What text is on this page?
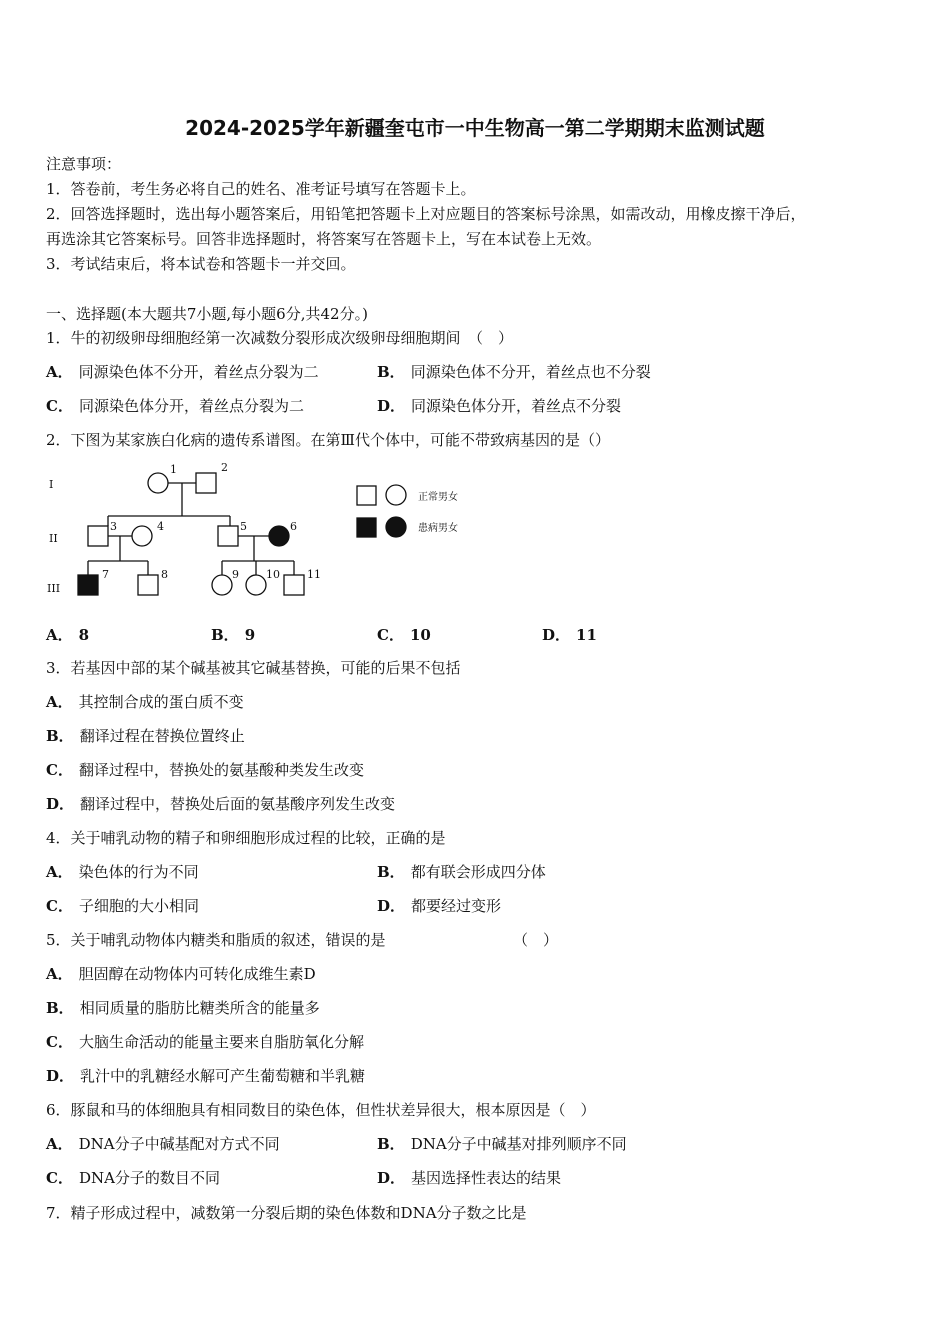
2024-2025学年新疆奎屯市一中生物高一第二学期期末监测试题
注意事项：
1．答卷前，考生务必将自己的姓名、准考证号填写在答题卡上。
2．回答选择题时，选出每小题答案后，用铅笔把答题卡上对应题目的答案标号涂黑，如需改动，用橡皮擦干净后，
再选涂其它答案标号。回答非选择题时，将答案写在答题卡上，写在本试卷上无效。
3．考试结束后，将本试卷和答题卡一并交回。
一、选择题(本大题共7小题,每小题6分,共42分。)
1．牛的初级卵母细胞经第一次减数分裂形成次级卵母细胞期间　（　）
A． 同源染色体不分开，着丝点分裂为二	B． 同源染色体不分开，着丝点也不分裂
C． 同源染色体分开，着丝点分裂为二	D． 同源染色体分开，着丝点不分裂
2．下图为某家族白化病的遗传系谱图。在第Ⅲ代个体中，可能不带致病基因的是（）
I
II
III
1	2
3	4	5	6
7	8	9 10 11
正常男女
患病男女
A． 8	B． 9	C． 10	D． 11
3．若基因中部的某个碱基被其它碱基替换，可能的后果不包括
A． 其控制合成的蛋白质不变
B． 翻译过程在替换位置终止
C． 翻译过程中，替换处的氨基酸种类发生改变
D． 翻译过程中，替换处后面的氨基酸序列发生改变
4．关于哺乳动物的精子和卵细胞形成过程的比较，正确的是
A． 染色体的行为不同	B． 都有联会形成四分体
C． 子细胞的大小相同	D． 都要经过变形
5．关于哺乳动物体内糖类和脂质的叙述，错误的是　　　　　　　　　（　）
A． 胆固醇在动物体内可转化成维生素D
B． 相同质量的脂肪比糖类所含的能量多
C． 大脑生命活动的能量主要来自脂肪氧化分解
D． 乳汁中的乳糖经水解可产生葡萄糖和半乳糖
6．豚鼠和马的体细胞具有相同数目的染色体，但性状差异很大，根本原因是（　）
A． DNA分子中碱基配对方式不同	B． DNA分子中碱基对排列顺序不同
C． DNA分子的数目不同	D． 基因选择性表达的结果
7．精子形成过程中，减数第一分裂后期的染色体数和DNA分子数之比是
